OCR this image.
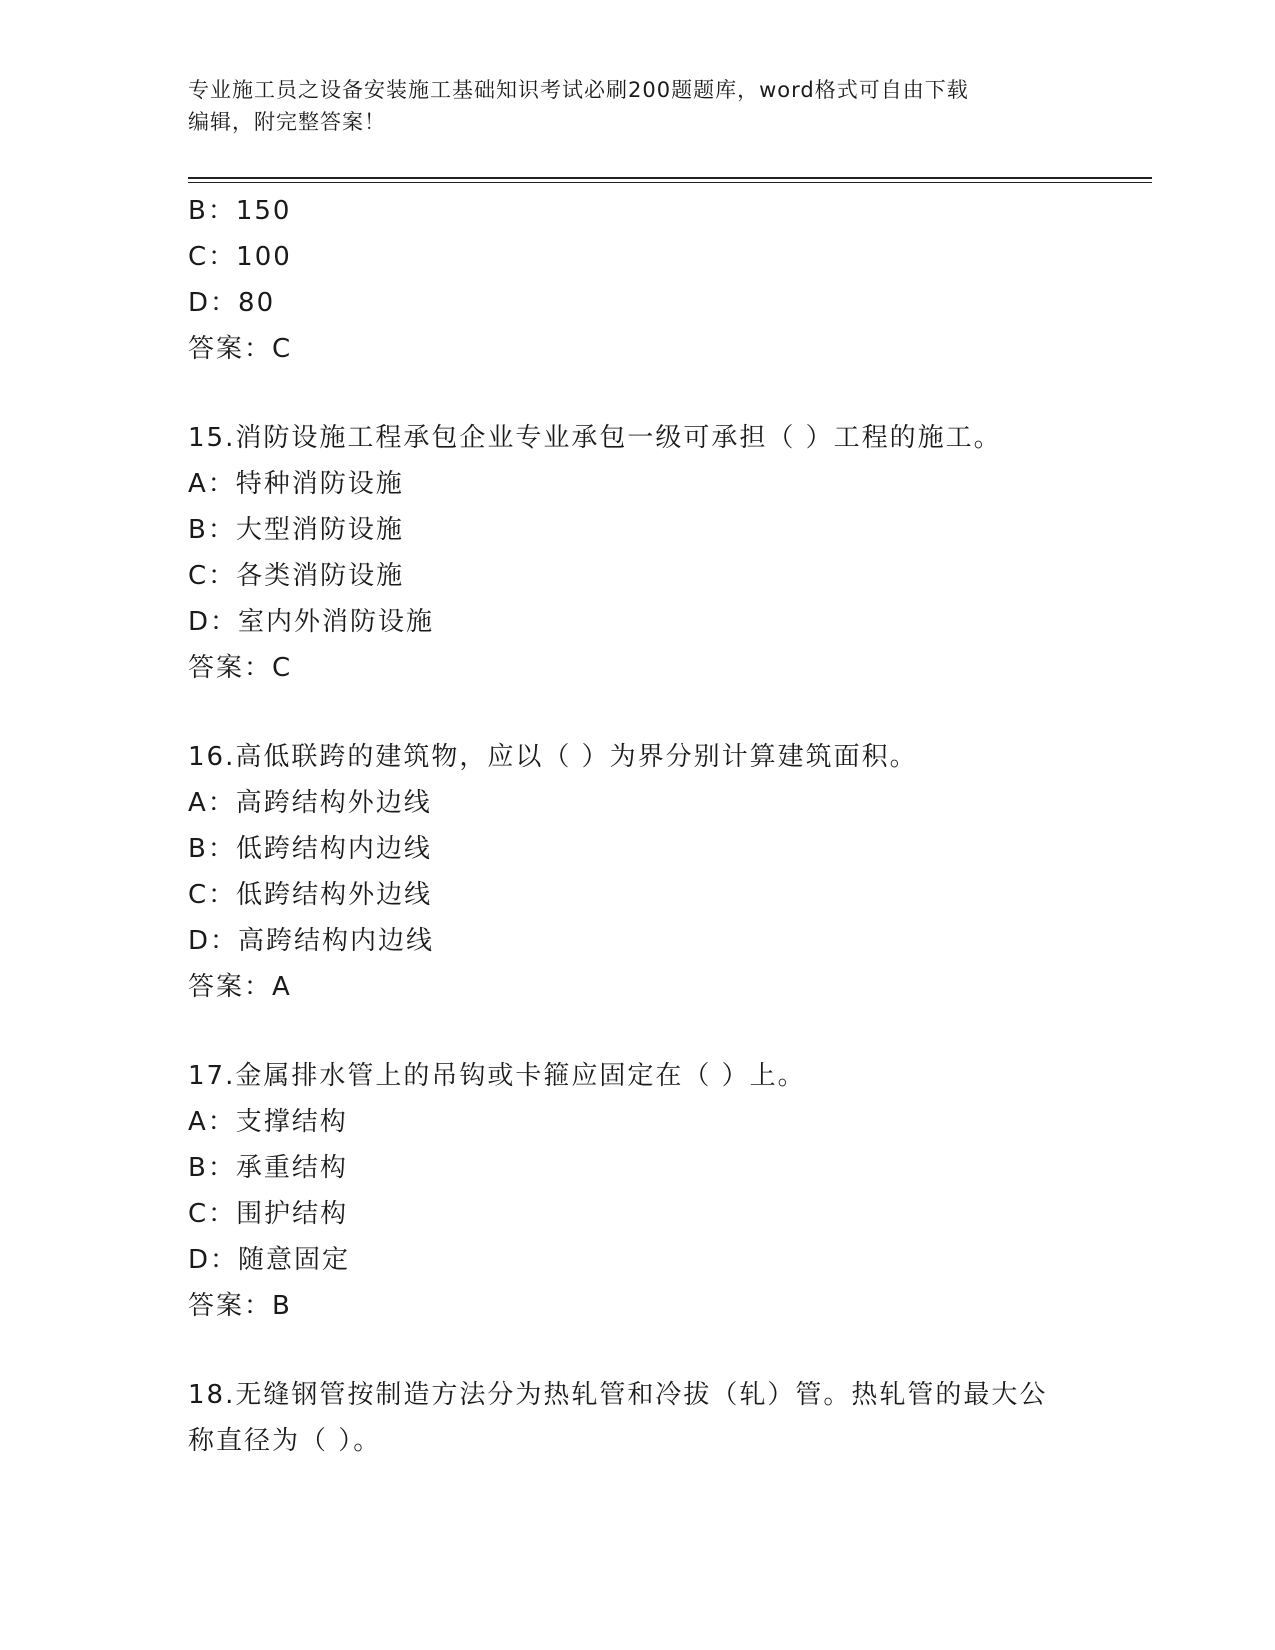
专业施工员之设备安装施工基础知识考试必刷200题题库，word格式可自由下载
编辑，附完整答案！
B：150
C：100
D：80
答案：C
15.消防设施工程承包企业专业承包一级可承担（ ）工程的施工。
A：特种消防设施
B：大型消防设施
C：各类消防设施
D：室内外消防设施
答案：C
16.高低联跨的建筑物，应以（ ）为界分别计算建筑面积。
A：高跨结构外边线
B：低跨结构内边线
C：低跨结构外边线
D：高跨结构内边线
答案：A
17.金属排水管上的吊钩或卡箍应固定在（ ）上。
A：支撑结构
B：承重结构
C：围护结构
D：随意固定
答案：B
18.无缝钢管按制造方法分为热轧管和冷拔（轧）管。热轧管的最大公
称直径为（ ）。
